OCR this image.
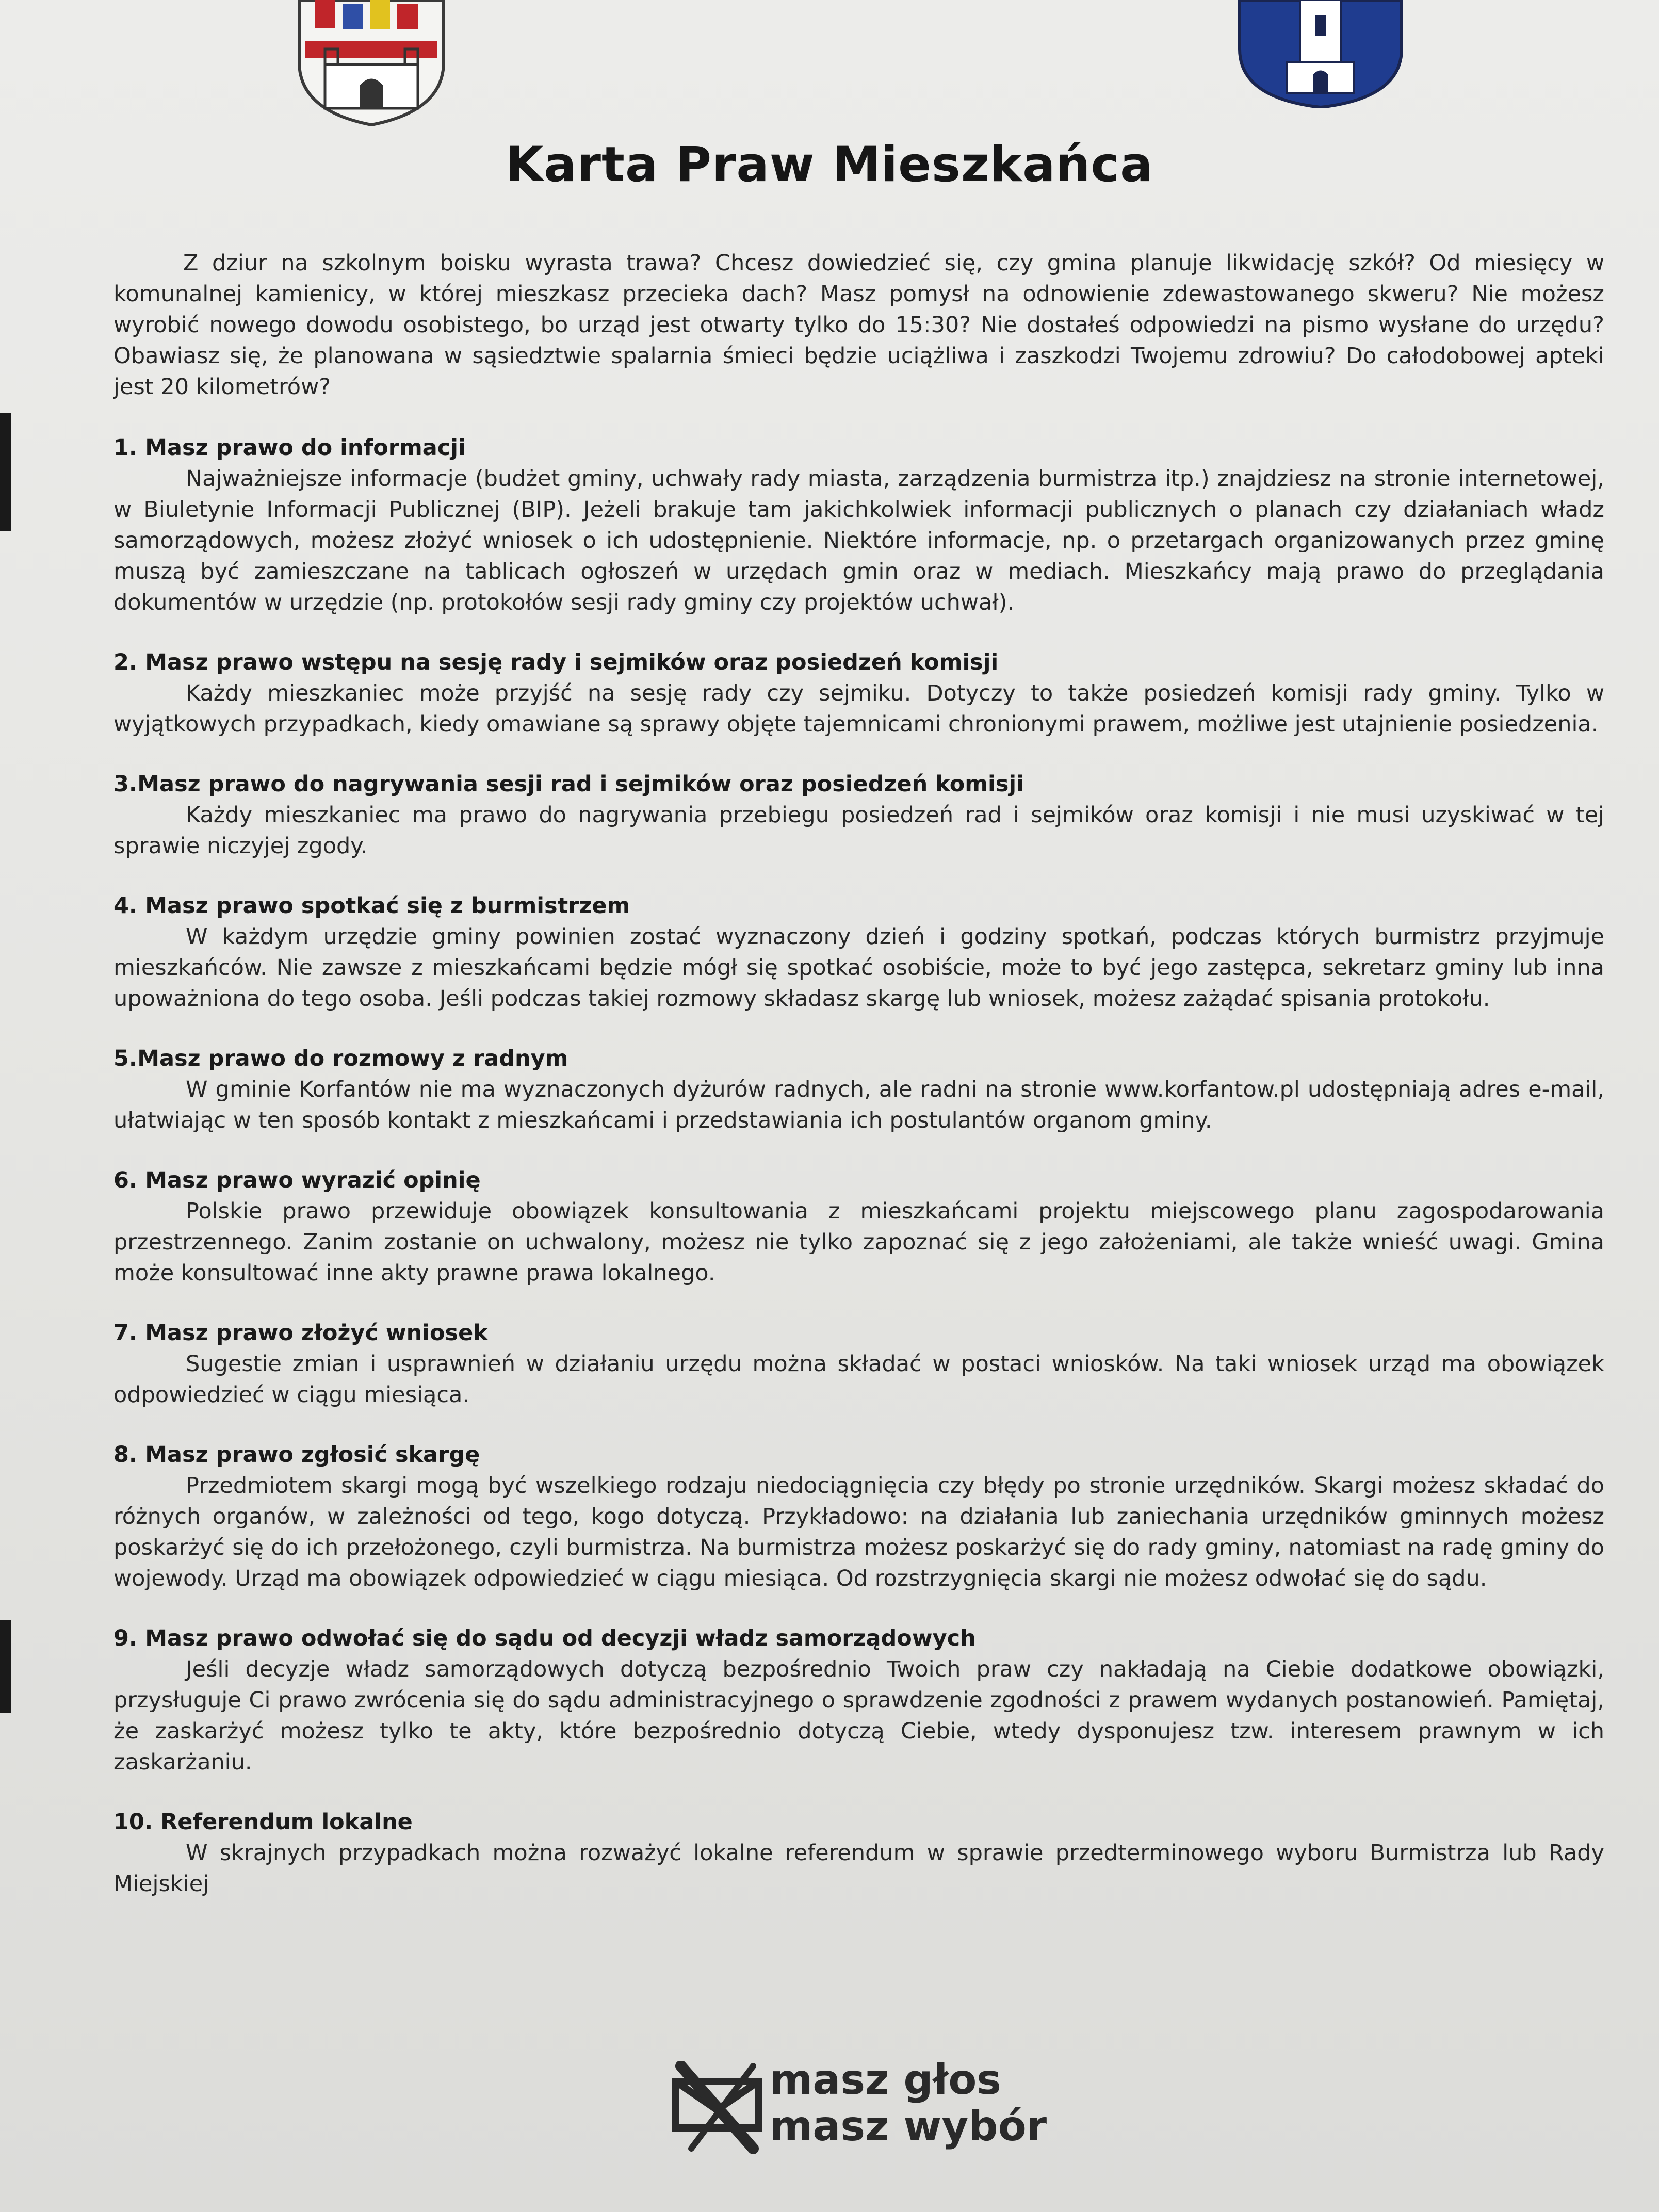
Karta Praw Mieszkańca

Z dziur na szkolnym boisku wyrasta trawa? Chcesz dowiedzieć się, czy gmina planuje likwidację szkół? Od miesięcy w komunalnej kamienicy, w której mieszkasz przecieka dach? Masz pomysł na odnowienie zdewastowanego skweru? Nie możesz wyrobić nowego dowodu osobistego, bo urząd jest otwarty tylko do 15:30? Nie dostałeś odpowiedzi na pismo wysłane do urzędu? Obawiasz się, że planowana w sąsiedztwie spalarnia śmieci będzie uciążliwa i zaszkodzi Twojemu zdrowiu? Do całodobowej apteki jest 20 kilometrów?

1. Masz prawo do informacji

Najważniejsze informacje (budżet gminy, uchwały rady miasta, zarządzenia burmistrza itp.) znajdziesz na stronie internetowej, w Biuletynie Informacji Publicznej (BIP). Jeżeli brakuje tam jakichkolwiek informacji publicznych o planach czy działaniach władz samorządowych, możesz złożyć wniosek o ich udostępnienie. Niektóre informacje, np. o przetargach organizowanych przez gminę muszą być zamieszczane na tablicach ogłoszeń w urzędach gmin oraz w mediach. Mieszkańcy mają prawo do przeglądania dokumentów w urzędzie (np. protokołów sesji rady gminy czy projektów uchwał).

2. Masz prawo wstępu na sesję rady i sejmików oraz posiedzeń komisji

Każdy mieszkaniec może przyjść na sesję rady czy sejmiku. Dotyczy to także posiedzeń komisji rady gminy. Tylko w wyjątkowych przypadkach, kiedy omawiane są sprawy objęte tajemnicami chronionymi prawem, możliwe jest utajnienie posiedzenia.

3.Masz prawo do nagrywania sesji rad i sejmików oraz posiedzeń komisji

Każdy mieszkaniec ma prawo do nagrywania przebiegu posiedzeń rad i sejmików oraz komisji i nie musi uzyskiwać w tej sprawie niczyjej zgody.

4. Masz prawo spotkać się z burmistrzem

W każdym urzędzie gminy powinien zostać wyznaczony dzień i godziny spotkań, podczas których burmistrz przyjmuje mieszkańców. Nie zawsze z mieszkańcami będzie mógł się spotkać osobiście, może to być jego zastępca, sekretarz gminy lub inna upoważniona do tego osoba. Jeśli podczas takiej rozmowy składasz skargę lub wniosek, możesz zażądać spisania protokołu.

5.Masz prawo do rozmowy z radnym

W gminie Korfantów nie ma wyznaczonych dyżurów radnych, ale radni na stronie www.korfantow.pl udostępniają adres e-mail, ułatwiając w ten sposób kontakt z mieszkańcami i przedstawiania ich postulantów organom gminy.

6. Masz prawo wyrazić opinię

Polskie prawo przewiduje obowiązek konsultowania z mieszkańcami projektu miejscowego planu zagospodarowania przestrzennego. Zanim zostanie on uchwalony, możesz nie tylko zapoznać się z jego założeniami, ale także wnieść uwagi. Gmina może konsultować inne akty prawne prawa lokalnego.

7. Masz prawo złożyć wniosek

Sugestie zmian i usprawnień w działaniu urzędu można składać w postaci wniosków. Na taki wniosek urząd ma obowiązek odpowiedzieć w ciągu miesiąca.

8. Masz prawo zgłosić skargę

Przedmiotem skargi mogą być wszelkiego rodzaju niedociągnięcia czy błędy po stronie urzędników. Skargi możesz składać do różnych organów, w zależności od tego, kogo dotyczą. Przykładowo: na działania lub zaniechania urzędników gminnych możesz poskarżyć się do ich przełożonego, czyli burmistrza. Na burmistrza możesz poskarżyć się do rady gminy, natomiast na radę gminy do wojewody. Urząd ma obowiązek odpowiedzieć w ciągu miesiąca. Od rozstrzygnięcia skargi nie możesz odwołać się do sądu.

9. Masz prawo odwołać się do sądu od decyzji władz samorządowych

Jeśli decyzje władz samorządowych dotyczą bezpośrednio Twoich praw czy nakładają na Ciebie dodatkowe obowiązki, przysługuje Ci prawo zwrócenia się do sądu administracyjnego o sprawdzenie zgodności z prawem wydanych postanowień. Pamiętaj, że zaskarżyć możesz tylko te akty, które bezpośrednio dotyczą Ciebie, wtedy dysponujesz tzw. interesem prawnym w ich zaskarżaniu.

10. Referendum lokalne

W skrajnych przypadkach można rozważyć lokalne referendum w sprawie przedterminowego wyboru Burmistrza lub Rady Miejskiej

masz głos
masz wybór
